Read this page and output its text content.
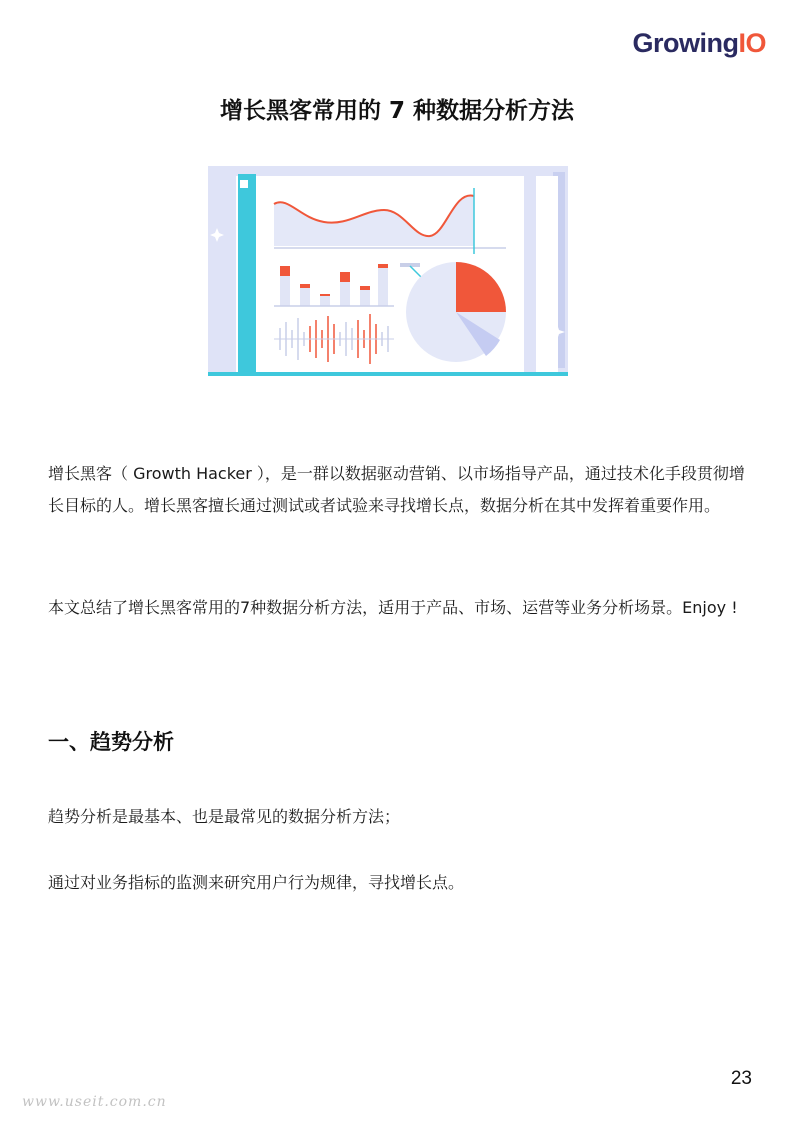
GrowingIO
增长黑客常用的 7 种数据分析方法
增长黑客（ Growth Hacker ），是一群以数据驱动营销、以市场指导产品，通过技术化手段贯彻增长目标的人。增长黑客擅长通过测试或者试验来寻找增长点，数据分析在其中发挥着重要作用。
本文总结了增长黑客常用的7种数据分析方法，适用于产品、市场、运营等业务分析场景。Enjoy !
一、趋势分析
趋势分析是最基本、也是最常见的数据分析方法；
通过对业务指标的监测来研究用户行为规律，寻找增长点。
23
www.useit.com.cn
